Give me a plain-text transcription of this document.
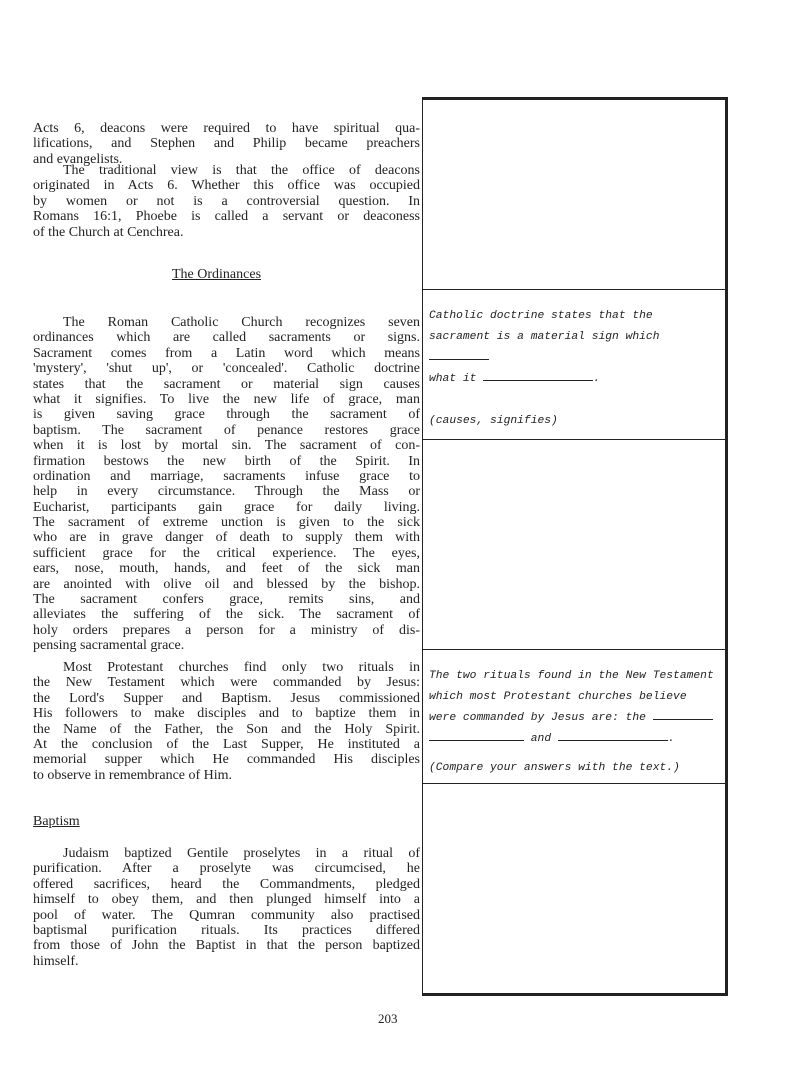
Acts 6, deacons were required to have spiritual qua-
lifications, and Stephen and Philip became preachers
and evangelists.
The traditional view is that the office of deacons
originated in Acts 6. Whether this office was occupied
by women or not is a controversial question. In
Romans 16:1, Phoebe is called a servant or deaconess
of the Church at Cenchrea.
The Ordinances
The Roman Catholic Church recognizes seven
ordinances which are called sacraments or signs.
Sacrament comes from a Latin word which means
'mystery', 'shut up', or 'concealed'. Catholic doctrine
states that the sacrament or material sign causes
what it signifies. To live the new life of grace, man
is given saving grace through the sacrament of
baptism. The sacrament of penance restores grace
when it is lost by mortal sin. The sacrament of con-
firmation bestows the new birth of the Spirit. In
ordination and marriage, sacraments infuse grace to
help in every circumstance. Through the Mass or
Eucharist, participants gain grace for daily living.
The sacrament of extreme unction is given to the sick
who are in grave danger of death to supply them with
sufficient grace for the critical experience. The eyes,
ears, nose, mouth, hands, and feet of the sick man
are anointed with olive oil and blessed by the bishop.
The sacrament confers grace, remits sins, and
alleviates the suffering of the sick. The sacrament of
holy orders prepares a person for a ministry of dis-
pensing sacramental grace.
Most Protestant churches find only two rituals in
the New Testament which were commanded by Jesus:
the Lord's Supper and Baptism. Jesus commissioned
His followers to make disciples and to baptize them in
the Name of the Father, the Son and the Holy Spirit.
At the conclusion of the Last Supper, He instituted a
memorial supper which He commanded His disciples
to observe in remembrance of Him.
Baptism
Judaism baptized Gentile proselytes in a ritual of
purification. After a proselyte was circumcised, he
offered sacrifices, heard the Commandments, pledged
himself to obey them, and then plunged himself into a
pool of water. The Qumran community also practised
baptismal purification rituals. Its practices differed
from those of John the Baptist in that the person baptized
himself.
Catholic doctrine states that the
sacrament is a material sign which
what it	.
(causes, signifies)
The two rituals found in the New Testament
which most Protestant churches believe
were commanded by Jesus are: the
and	.
(Compare your answers with the text.)
203
